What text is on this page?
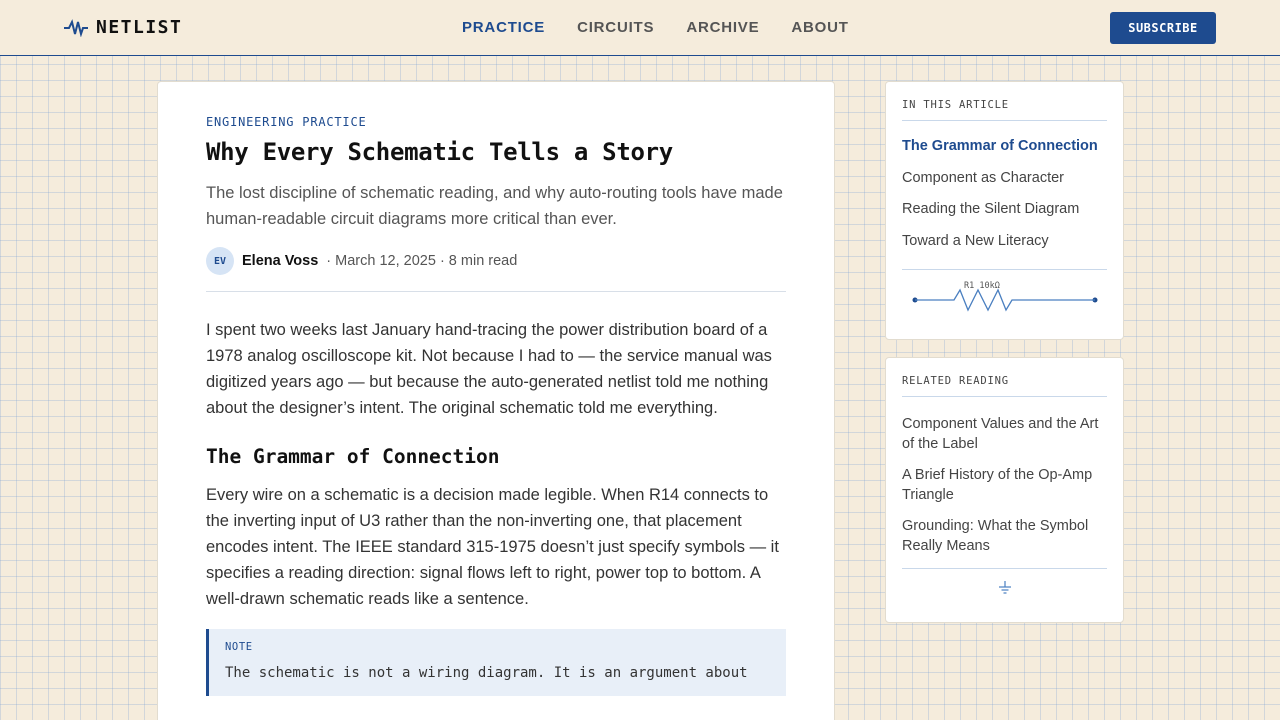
NETLIST	PRACTICE CIRCUITS ARCHIVE ABOUT	SUBSCRIBE
ENGINEERING PRACTICE
Why Every Schematic Tells a Story

The lost discipline of schematic reading, and why auto-routing tools have made human-readable circuit diagrams more critical than ever.

EV	Elena Voss · March 12, 2025 · 8 min read

I spent two weeks last January hand-tracing the power distribution board of a 1978 analog oscilloscope kit. Not because I had to — the service manual was digitized years ago — but because the auto-generated netlist told me nothing about the designer’s intent. The original schematic told me everything.

The Grammar of Connection

Every wire on a schematic is a decision made legible. When R14 connects to the inverting input of U3 rather than the non-inverting one, that placement encodes intent. The IEEE standard 315-1975 doesn’t just specify symbols — it specifies a reading direction: signal flows left to right, power top to bottom. A well-drawn schematic reads like a sentence.

NOTE
The schematic is not a wiring diagram. It is an argument about
IN THIS ARTICLE
The Grammar of Connection
Component as Character
Reading the Silent Diagram
Toward a New Literacy
R1 10kΩ
RELATED READING
Component Values and the Art of the Label
A Brief History of the Op-Amp Triangle
Grounding: What the Symbol Really Means
